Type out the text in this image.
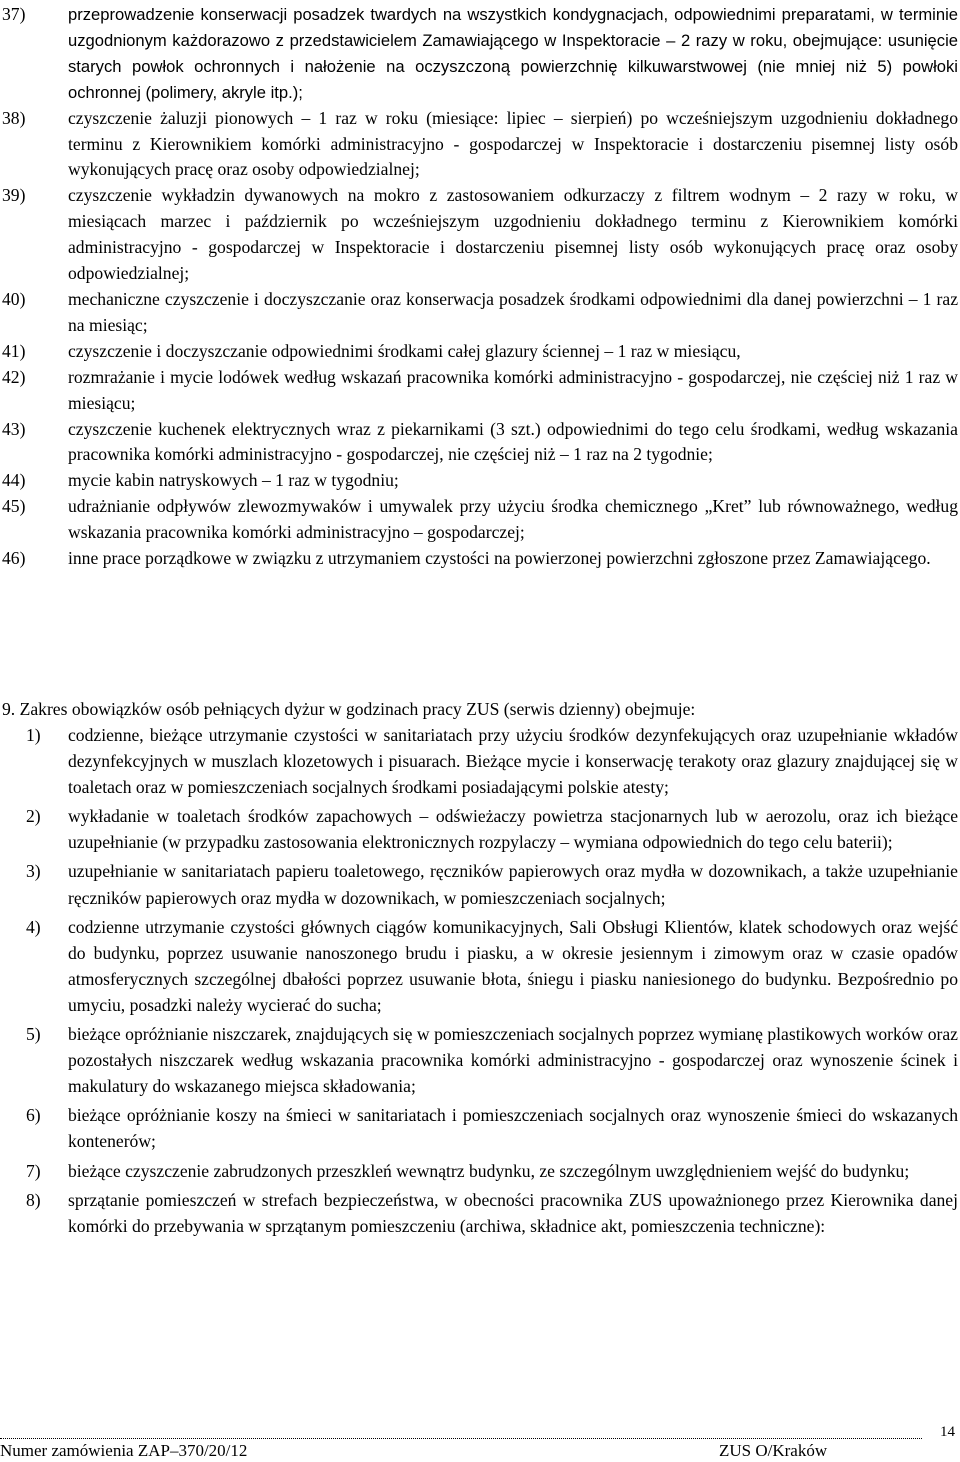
37)	przeprowadzenie konserwacji posadzek twardych na wszystkich kondygnacjach, odpowiednimi preparatami, w terminie uzgodnionym każdorazowo z przedstawicielem Zamawiającego w Inspektoracie – 2 razy w roku, obejmujące: usunięcie starych powłok ochronnych i nałożenie na oczyszczoną powierzchnię kilkuwarstwowej (nie mniej niż 5) powłoki ochronnej (polimery, akryle itp.);
38)	czyszczenie żaluzji pionowych – 1 raz w roku (miesiące: lipiec – sierpień) po wcześniejszym uzgodnieniu dokładnego terminu z Kierownikiem komórki administracyjno - gospodarczej w Inspektoracie i dostarczeniu pisemnej listy osób wykonujących pracę oraz osoby odpowiedzialnej;
39)	czyszczenie wykładzin dywanowych na mokro z zastosowaniem odkurzaczy z filtrem wodnym – 2 razy w roku, w miesiącach marzec i październik po wcześniejszym uzgodnieniu dokładnego terminu z Kierownikiem komórki administracyjno - gospodarczej w Inspektoracie i dostarczeniu pisemnej listy osób wykonujących pracę oraz osoby odpowiedzialnej;
40)	mechaniczne czyszczenie i doczyszczanie oraz konserwacja posadzek środkami odpowiednimi dla danej powierzchni – 1 raz na miesiąc;
41)	czyszczenie i doczyszczanie odpowiednimi środkami całej glazury ściennej – 1 raz w miesiącu,
42)	rozmrażanie i mycie lodówek według wskazań pracownika komórki administracyjno - gospodarczej, nie częściej niż 1 raz w miesiącu;
43)	czyszczenie kuchenek elektrycznych wraz z piekarnikami (3 szt.) odpowiednimi do tego celu środkami, według wskazania pracownika komórki administracyjno - gospodarczej, nie częściej niż – 1 raz na 2 tygodnie;
44)	mycie kabin natryskowych – 1 raz w tygodniu;
45)	udrażnianie odpływów zlewozmywaków i umywalek przy użyciu środka chemicznego „Kret” lub równoważnego, według wskazania pracownika komórki administracyjno – gospodarczej;
46)	inne prace porządkowe w związku z utrzymaniem czystości na powierzonej powierzchni zgłoszone przez Zamawiającego.
9. Zakres obowiązków osób pełniących dyżur w godzinach pracy ZUS (serwis dzienny) obejmuje:
1)	codzienne, bieżące utrzymanie czystości w sanitariatach przy użyciu środków dezynfekujących oraz uzupełnianie wkładów dezynfekcyjnych w muszlach klozetowych i pisuarach. Bieżące mycie i konserwację terakoty oraz glazury znajdującej się w toaletach oraz w pomieszczeniach socjalnych środkami posiadającymi polskie atesty;
2)	wykładanie w toaletach środków zapachowych – odświeżaczy powietrza stacjonarnych lub w aerozolu, oraz ich bieżące uzupełnianie (w przypadku zastosowania elektronicznych rozpylaczy – wymiana odpowiednich do tego celu baterii);
3)	uzupełnianie w sanitariatach papieru toaletowego, ręczników papierowych oraz mydła w dozownikach, a także uzupełnianie ręczników papierowych oraz mydła w dozownikach, w pomieszczeniach socjalnych;
4)	codzienne utrzymanie czystości głównych ciągów komunikacyjnych, Sali Obsługi Klientów, klatek schodowych oraz wejść do budynku, poprzez usuwanie nanoszonego brudu i piasku, a w okresie jesiennym i zimowym oraz w czasie opadów atmosferycznych szczególnej dbałości poprzez usuwanie błota, śniegu i piasku naniesionego do budynku. Bezpośrednio po umyciu, posadzki należy wycierać do sucha;
5)	bieżące opróżnianie niszczarek, znajdujących się w pomieszczeniach socjalnych poprzez wymianę plastikowych worków oraz pozostałych niszczarek według wskazania pracownika komórki administracyjno - gospodarczej oraz wynoszenie ścinek i makulatury do wskazanego miejsca składowania;
6)	bieżące opróżnianie koszy na śmieci w sanitariatach i pomieszczeniach socjalnych oraz wynoszenie śmieci do wskazanych kontenerów;
7)	bieżące czyszczenie zabrudzonych przeszkleń wewnątrz budynku, ze szczególnym uwzględnieniem wejść do budynku;
8)	sprzątanie pomieszczeń w strefach bezpieczeństwa, w obecności pracownika ZUS upoważnionego przez Kierownika danej komórki do przebywania w sprzątanym pomieszczeniu (archiwa, składnice akt, pomieszczenia techniczne):
14
Numer zamówienia ZAP–370/20/12	ZUS O/Kraków
